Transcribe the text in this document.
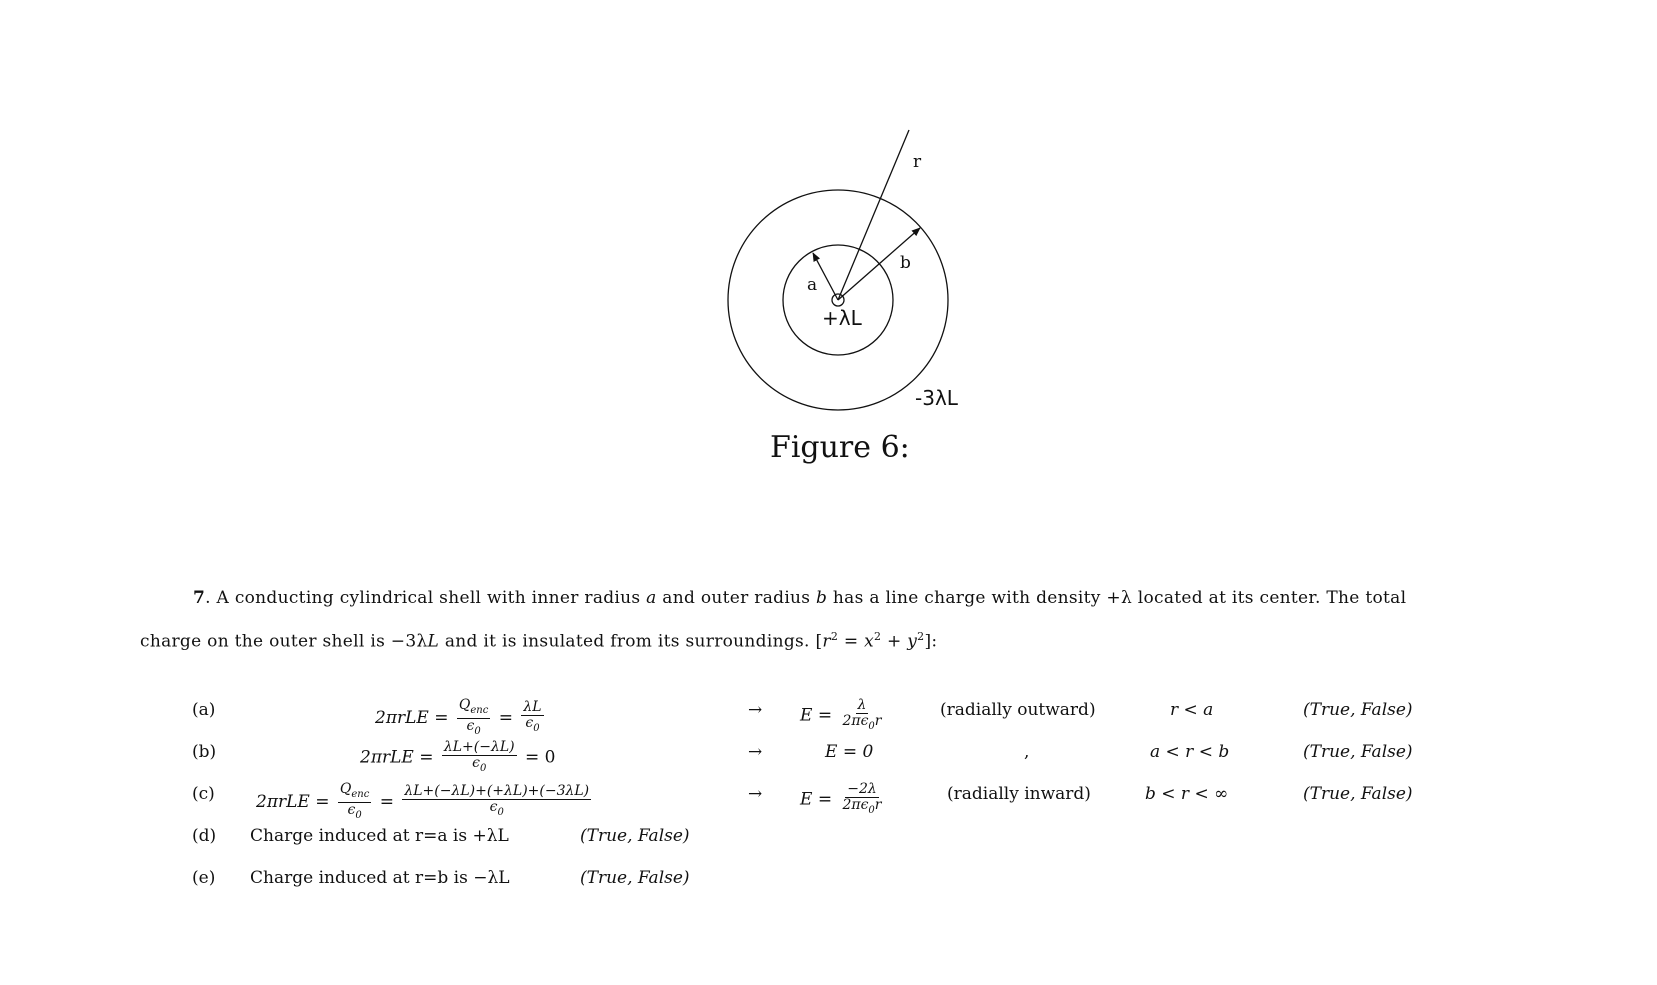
r
a
b
+λL
-3λL
Figure 6:
7. A conducting cylindrical shell with inner radius a and outer radius b has a line charge with density +λ located at its center. The total
charge on the outer shell is −3λL and it is insulated from its surroundings. $[r^2 = x^2 + y^2]$:
(a)	$2\pi rLE = \frac{Q_{enc}}{\epsilon_0} = \frac{\lambda L}{\epsilon_0}$	→ $E = \frac{\lambda}{2\pi\epsilon_0r}$	(radially outward)	r < a	(True, False)
(b)	$2\pi rLE = \frac{\lambda L+(-\lambda L)}{\epsilon_0} = 0$	→	E = 0	,	a < r < b	(True, False)
(c) $2\pi rLE = \frac{Q_{enc}}{\epsilon_0} = \frac{\lambda L+(-\lambda L)+(+\lambda L)+(-3\lambda L)}{\epsilon_0}$	→ $E = \frac{-2\lambda}{2\pi\epsilon_0r}$	(radially inward)	b < r < ∞	(True, False)
(d) Charge induced at r=a is +λL	(True, False)
(e) Charge induced at r=b is −λL	(True, False)
